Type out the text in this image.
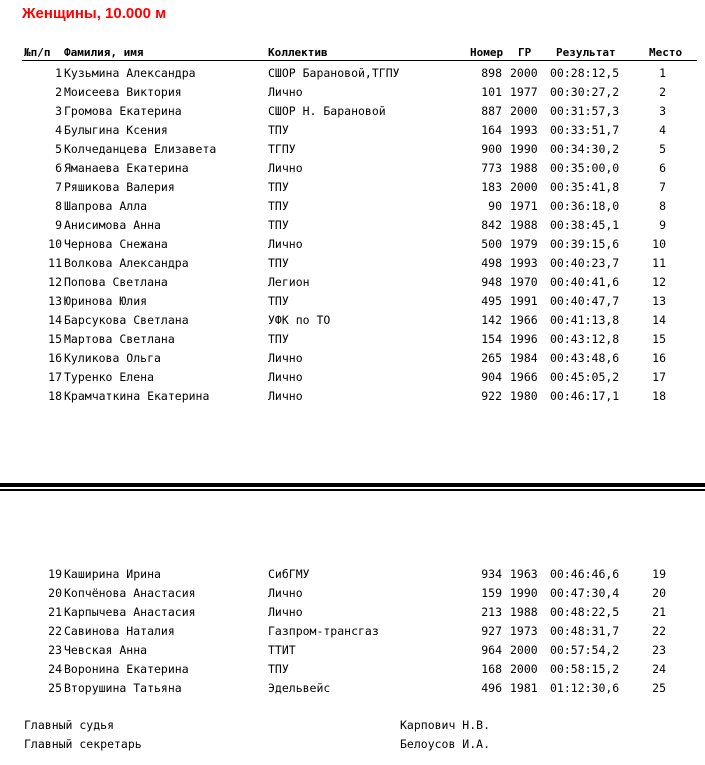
Женщины, 10.000 м
№п/п Фамилия, имя	Коллектив	Номер ГР Результат	Место
1 Кузьмина Александра	СШОР Барановой,ТГПУ	898 2000 00:28:12,5	1
2 Моисеева Виктория	Лично	101 1977 00:30:27,2	2
3 Громова Екатерина	СШОР Н. Барановой	887 2000 00:31:57,3	3
4 Булыгина Ксения	ТПУ	164 1993 00:33:51,7	4
5 Колчеданцева Елизавета	ТГПУ	900 1990 00:34:30,2	5
6 Яманаева Екатерина	Лично	773 1988 00:35:00,0	6
7 Ряшикова Валерия	ТПУ	183 2000 00:35:41,8	7
8 Шапрова Алла	ТПУ	90 1971 00:36:18,0	8
9 Анисимова Анна	ТПУ	842 1988 00:38:45,1	9
10 Чернова Снежана	Лично	500 1979 00:39:15,6	10
11 Волкова Александра	ТПУ	498 1993 00:40:23,7	11
12 Попова Светлана	Легион	948 1970 00:40:41,6	12
13 Юринова Юлия	ТПУ	495 1991 00:40:47,7	13
14 Барсукова Светлана	УФК по ТО	142 1966 00:41:13,8	14
15 Мартова Светлана	ТПУ	154 1996 00:43:12,8	15
16 Куликова Ольга	Лично	265 1984 00:43:48,6	16
17 Туренко Елена	Лично	904 1966 00:45:05,2	17
18 Крамчаткина Екатерина	Лично	922 1980 00:46:17,1	18
19 Каширина Ирина	СибГМУ	934 1963 00:46:46,6	19
20 Копчёнова Анастасия	Лично	159 1990 00:47:30,4	20
21 Карпычева Анастасия	Лично	213 1988 00:48:22,5	21
22 Савинова Наталия	Газпром-трансгаз	927 1973 00:48:31,7	22
23 Чевская Анна	ТТИТ	964 2000 00:57:54,2	23
24 Воронина Екатерина	ТПУ	168 2000 00:58:15,2	24
25 Вторушина Татьяна	Эдельвейс	496 1981 01:12:30,6	25
Главный судья	Карпович Н.В.
Главный секретарь	Белоусов И.А.
